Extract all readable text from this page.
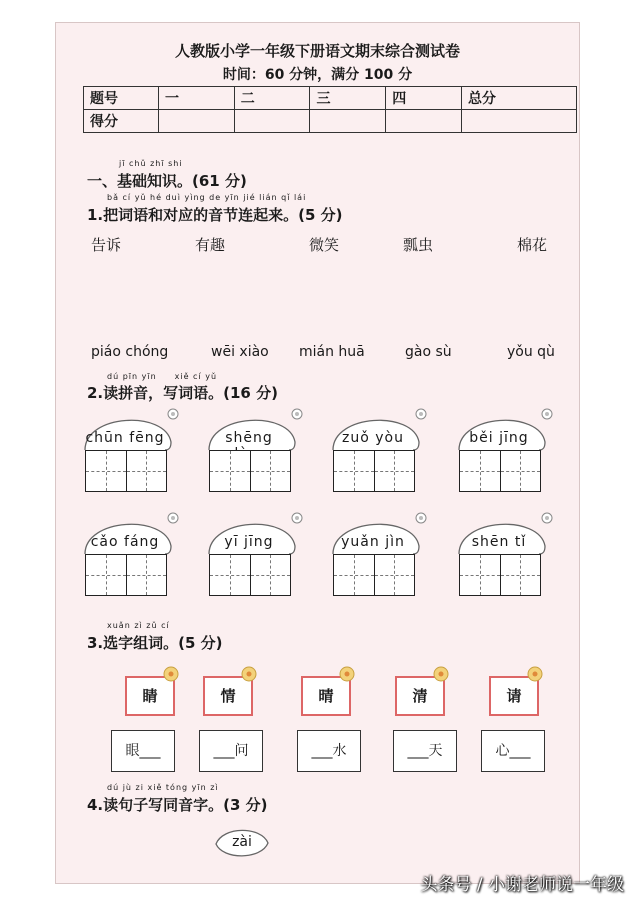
人教版小学一年级下册语文期末综合测试卷
时间：60 分钟，满分 100 分
题号	一	二	三	四	总分
得分					
jī chǔ zhī shi
一、基础知识。(61 分)
bǎ cí yǔ hé duì yìng de yīn jié lián qǐ lái
1.把词语和对应的音节连起来。(5 分)
告诉	有趣	微笑	瓢虫	棉花
piáo chóng	wēi xiào mián huā	gào sù	yǒu qù
dú pīn yīn　　xiě cí yǔ
2.读拼音，写词语。(16 分)
chūn fēng	shēng	zuǒ yòu	běi jīng
cǎo fáng	yī jīng	yuǎn jìn	shēn tǐ
xuǎn zì zǔ cí
3.选字组词。(5 分)
睛	情	晴	清	请
眼___	___问	___水	___天	心___
dú jù zi xiě tóng yīn zì
4.读句子写同音字。(3 分)
zài
头条号 / 小谢老师说一年级
